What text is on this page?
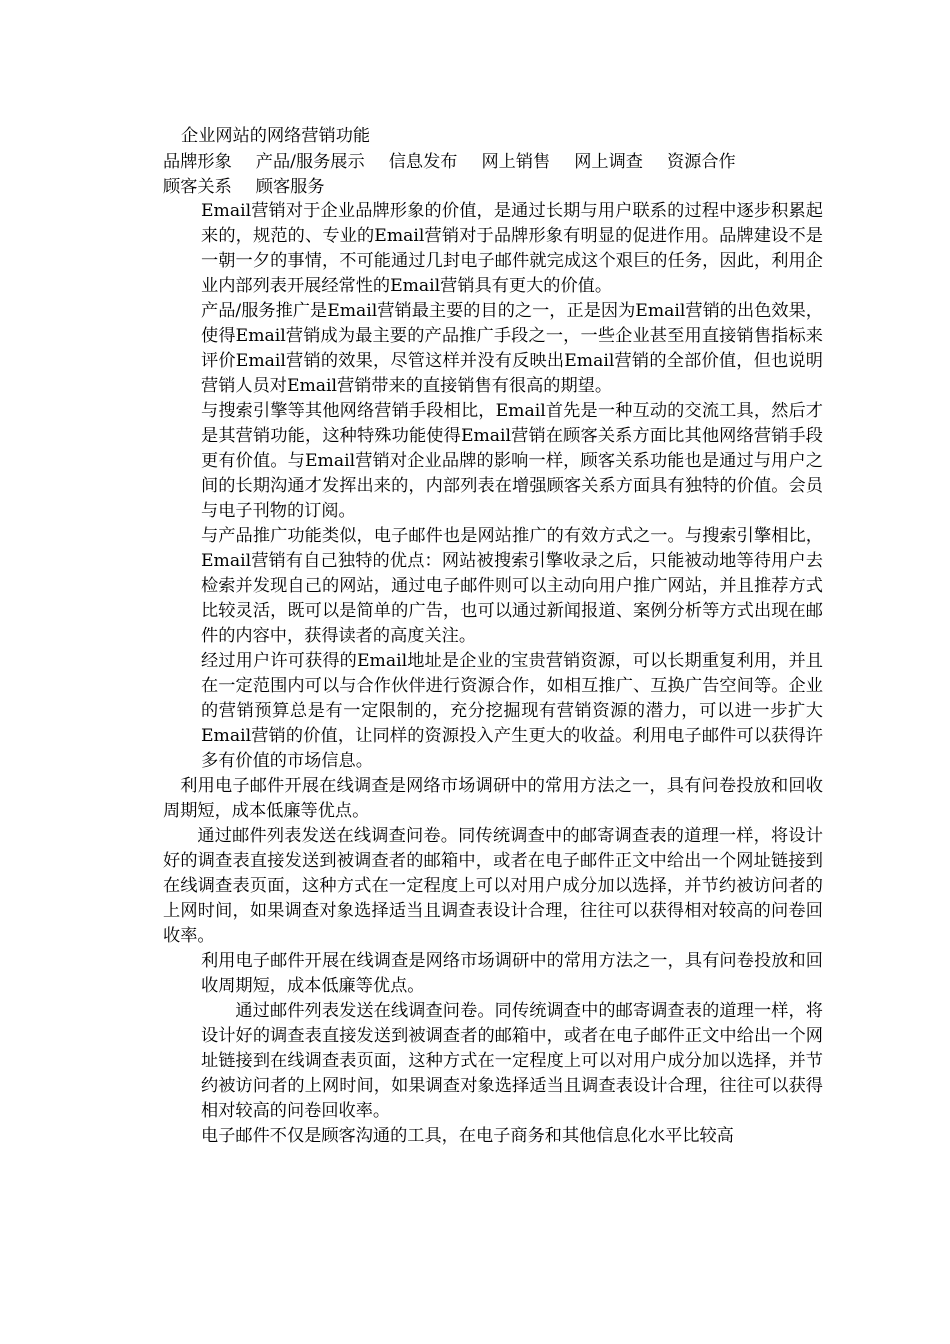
企业网站的网络营销功能
品牌形象 产品/服务展示 信息发布 网上销售 网上调查 资源合作
顾客关系 顾客服务

Email营销对于企业品牌形象的价值，是通过长期与用户联系的过程中逐步积累起来的，规范的、专业的Email营销对于品牌形象有明显的促进作用。品牌建设不是一朝一夕的事情，不可能通过几封电子邮件就完成这个艰巨的任务，因此，利用企业内部列表开展经常性的Email营销具有更大的价值。

产品/服务推广是Email营销最主要的目的之一，正是因为Email营销的出色效果，使得Email营销成为最主要的产品推广手段之一，一些企业甚至用直接销售指标来评价Email营销的效果，尽管这样并没有反映出Email营销的全部价值，但也说明营销人员对Email营销带来的直接销售有很高的期望。

与搜索引擎等其他网络营销手段相比，Email首先是一种互动的交流工具，然后才是其营销功能，这种特殊功能使得Email营销在顾客关系方面比其他网络营销手段更有价值。与Email营销对企业品牌的影响一样，顾客关系功能也是通过与用户之间的长期沟通才发挥出来的，内部列表在增强顾客关系方面具有独特的价值。会员与电子刊物的订阅。

与产品推广功能类似，电子邮件也是网站推广的有效方式之一。与搜索引擎相比，Email营销有自己独特的优点：网站被搜索引擎收录之后，只能被动地等待用户去检索并发现自己的网站，通过电子邮件则可以主动向用户推广网站，并且推荐方式比较灵活，既可以是简单的广告，也可以通过新闻报道、案例分析等方式出现在邮件的内容中，获得读者的高度关注。

经过用户许可获得的Email地址是企业的宝贵营销资源，可以长期重复利用，并且在一定范围内可以与合作伙伴进行资源合作，如相互推广、互换广告空间等。企业的营销预算总是有一定限制的，充分挖掘现有营销资源的潜力，可以进一步扩大Email营销的价值，让同样的资源投入产生更大的收益。利用电子邮件可以获得许多有价值的市场信息。

利用电子邮件开展在线调查是网络市场调研中的常用方法之一，具有问卷投放和回收周期短，成本低廉等优点。

通过邮件列表发送在线调查问卷。同传统调查中的邮寄调查表的道理一样，将设计好的调查表直接发送到被调查者的邮箱中，或者在电子邮件正文中给出一个网址链接到在线调查表页面，这种方式在一定程度上可以对用户成分加以选择，并节约被访问者的上网时间，如果调查对象选择适当且调查表设计合理，往往可以获得相对较高的问卷回收率。

利用电子邮件开展在线调查是网络市场调研中的常用方法之一，具有问卷投放和回收周期短，成本低廉等优点。

通过邮件列表发送在线调查问卷。同传统调查中的邮寄调查表的道理一样，将设计好的调查表直接发送到被调查者的邮箱中，或者在电子邮件正文中给出一个网址链接到在线调查表页面，这种方式在一定程度上可以对用户成分加以选择，并节约被访问者的上网时间，如果调查对象选择适当且调查表设计合理，往往可以获得相对较高的问卷回收率。

电子邮件不仅是顾客沟通的工具，在电子商务和其他信息化水平比较高
